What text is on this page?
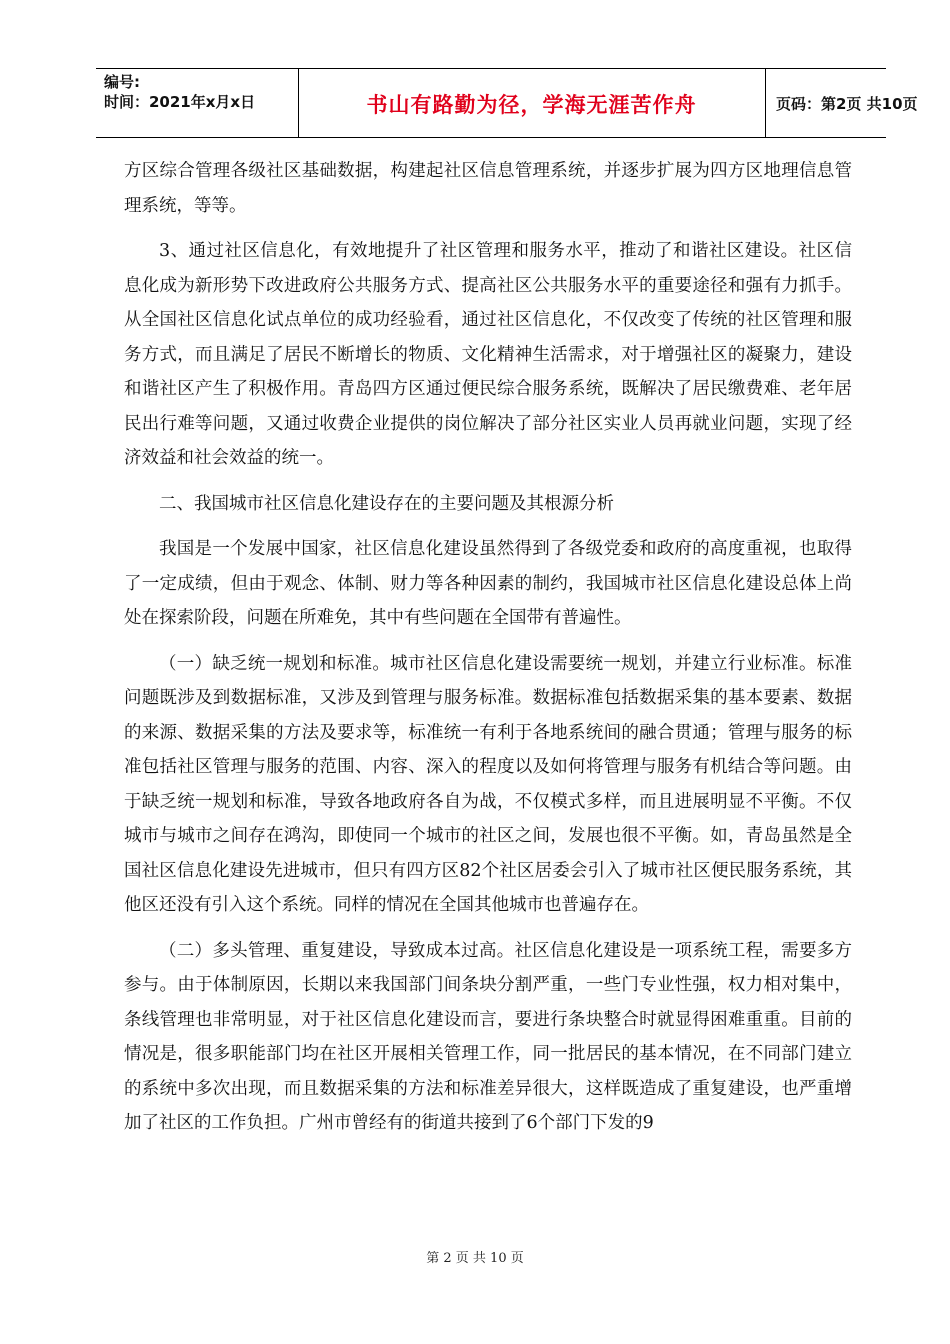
编号:
时间：2021年x月x日	书山有路勤为径，学海无涯苦作舟	页码：第2页 共10页

方区综合管理各级社区基础数据，构建起社区信息管理系统，并逐步扩展为四方区地理信息管理系统，等等。

3、通过社区信息化，有效地提升了社区管理和服务水平，推动了和谐社区建设。社区信息化成为新形势下改进政府公共服务方式、提高社区公共服务水平的重要途径和强有力抓手。从全国社区信息化试点单位的成功经验看，通过社区信息化，不仅改变了传统的社区管理和服务方式，而且满足了居民不断增长的物质、文化精神生活需求，对于增强社区的凝聚力，建设和谐社区产生了积极作用。青岛四方区通过便民综合服务系统，既解决了居民缴费难、老年居民出行难等问题，又通过收费企业提供的岗位解决了部分社区实业人员再就业问题，实现了经济效益和社会效益的统一。

二、我国城市社区信息化建设存在的主要问题及其根源分析

我国是一个发展中国家，社区信息化建设虽然得到了各级党委和政府的高度重视，也取得了一定成绩，但由于观念、体制、财力等各种因素的制约，我国城市社区信息化建设总体上尚处在探索阶段，问题在所难免，其中有些问题在全国带有普遍性。

（一）缺乏统一规划和标准。城市社区信息化建设需要统一规划，并建立行业标准。标准问题既涉及到数据标准，又涉及到管理与服务标准。数据标准包括数据采集的基本要素、数据的来源、数据采集的方法及要求等，标准统一有利于各地系统间的融合贯通；管理与服务的标准包括社区管理与服务的范围、内容、深入的程度以及如何将管理与服务有机结合等问题。由于缺乏统一规划和标准，导致各地政府各自为战，不仅模式多样，而且进展明显不平衡。不仅城市与城市之间存在鸿沟，即使同一个城市的社区之间，发展也很不平衡。如，青岛虽然是全国社区信息化建设先进城市，但只有四方区82个社区居委会引入了城市社区便民服务系统，其他区还没有引入这个系统。同样的情况在全国其他城市也普遍存在。

（二）多头管理、重复建设，导致成本过高。社区信息化建设是一项系统工程，需要多方参与。由于体制原因，长期以来我国部门间条块分割严重，一些门专业性强，权力相对集中，条线管理也非常明显，对于社区信息化建设而言，要进行条块整合时就显得困难重重。目前的情况是，很多职能部门均在社区开展相关管理工作，同一批居民的基本情况，在不同部门建立的系统中多次出现，而且数据采集的方法和标准差异很大，这样既造成了重复建设，也严重增加了社区的工作负担。广州市曾经有的街道共接到了6个部门下发的9

第 2 页 共 10 页
